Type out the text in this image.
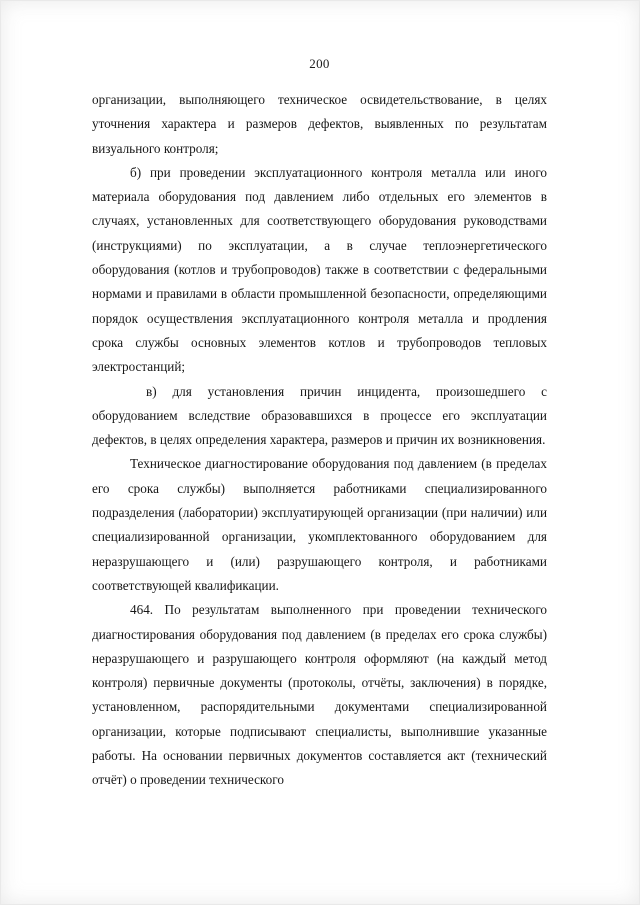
200

организации, выполняющего техническое освидетельствование, в целях уточнения характера и размеров дефектов, выявленных по результатам визуального контроля;

б) при проведении эксплуатационного контроля металла или иного материала оборудования под давлением либо отдельных его элементов в случаях, установленных для соответствующего оборудования руководствами (инструкциями) по эксплуатации, а в случае теплоэнергетического оборудования (котлов и трубопроводов) также в соответствии с федеральными нормами и правилами в области промышленной безопасности, определяющими порядок осуществления эксплуатационного контроля металла и продления срока службы основных элементов котлов и трубопроводов тепловых электростанций;

в) для установления причин инцидента, произошедшего с оборудованием вследствие образовавшихся в процессе его эксплуатации дефектов, в целях определения характера, размеров и причин их возникновения.

Техническое диагностирование оборудования под давлением (в пределах его срока службы) выполняется работниками специализированного подразделения (лаборатории) эксплуатирующей организации (при наличии) или специализированной организации, укомплектованного оборудованием для неразрушающего и (или) разрушающего контроля, и работниками соответствующей квалификации.

464. По результатам выполненного при проведении технического диагностирования оборудования под давлением (в пределах его срока службы) неразрушающего и разрушающего контроля оформляют (на каждый метод контроля) первичные документы (протоколы, отчёты, заключения) в порядке, установленном, распорядительными документами специализированной организации, которые подписывают специалисты, выполнившие указанные работы. На основании первичных документов составляется акт (технический отчёт) о проведении технического
